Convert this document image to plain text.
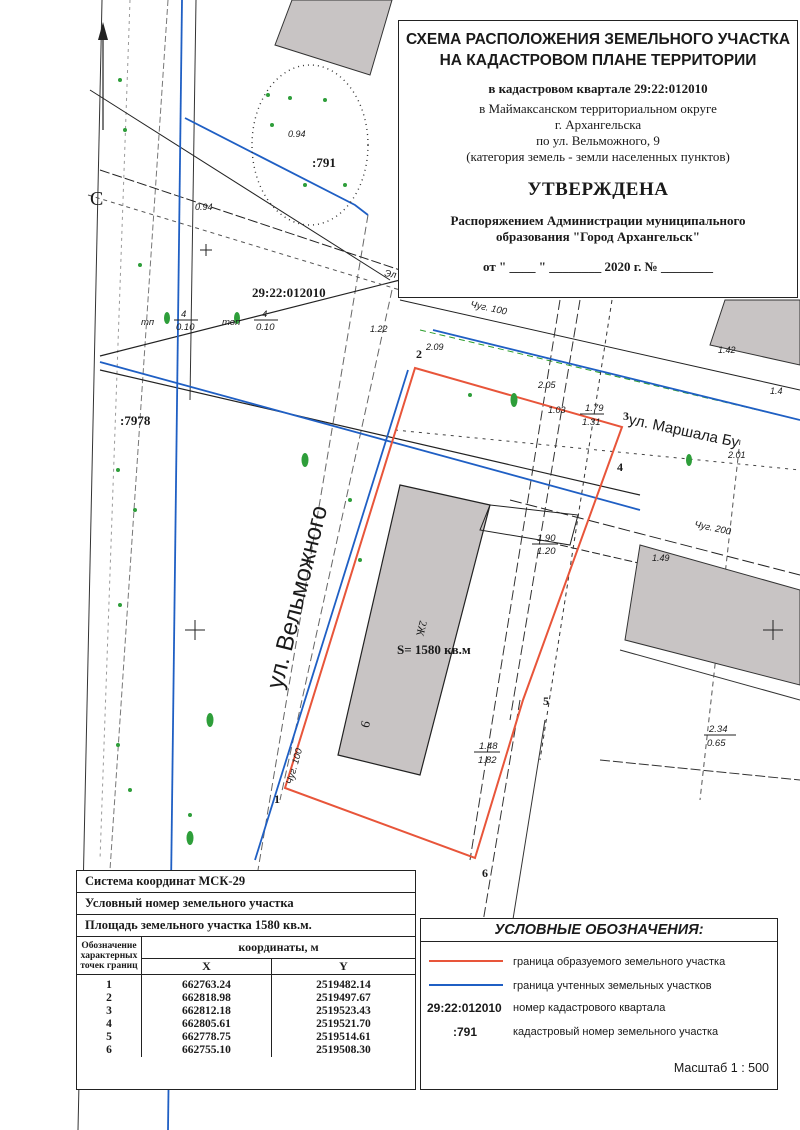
29:22:012010
:791
:7978
С
S= 1580 кв.м
ул. Вельможного
ул. Маршала Бу
9
2Ж
1
2
3
4
5
6
0.94
0.94
1.22
2.09
2.05
1.03
1.42
1.49
2.01
1.4
1.79
1.31
1.90
1.20
1.48
1.82
2.34
0.65
тп
4
0.10	топ
4
0.10
Чуг. 200
Чуг. 100
Чуг. 100
Эл
СХЕМА РАСПОЛОЖЕНИЯ ЗЕМЕЛЬНОГО УЧАСТКА
НА КАДАСТРОВОМ ПЛАНЕ ТЕРРИТОРИИ
в кадастровом квартале 29:22:012010
в Маймаксанском территориальном округе
г. Архангельска
по ул. Вельможного, 9
(категория земель - земли населенных пунктов)
УТВЕРЖДЕНА
Распоряжением Администрации муниципального
образования "Город Архангельск"
от " ____ " ________ 2020 г. № ________
Система координат МСК-29
Условный номер земельного участка
Площадь земельного участка 1580 кв.м.
Обозначение характерных точек границ	координаты, м	
	X	Y
1	662763.24	2519482.14
2	662818.98	2519497.67
3	662812.18	2519523.43
4	662805.61	2519521.70
5	662778.75	2519514.61
6	662755.10	2519508.30
УСЛОВНЫЕ ОБОЗНАЧЕНИЯ:
граница образуемого земельного участка
граница учтенных земельных участков
29:22:012010 номер кадастрового квартала
:791	кадастровый номер земельного участка
Масштаб 1 : 500
